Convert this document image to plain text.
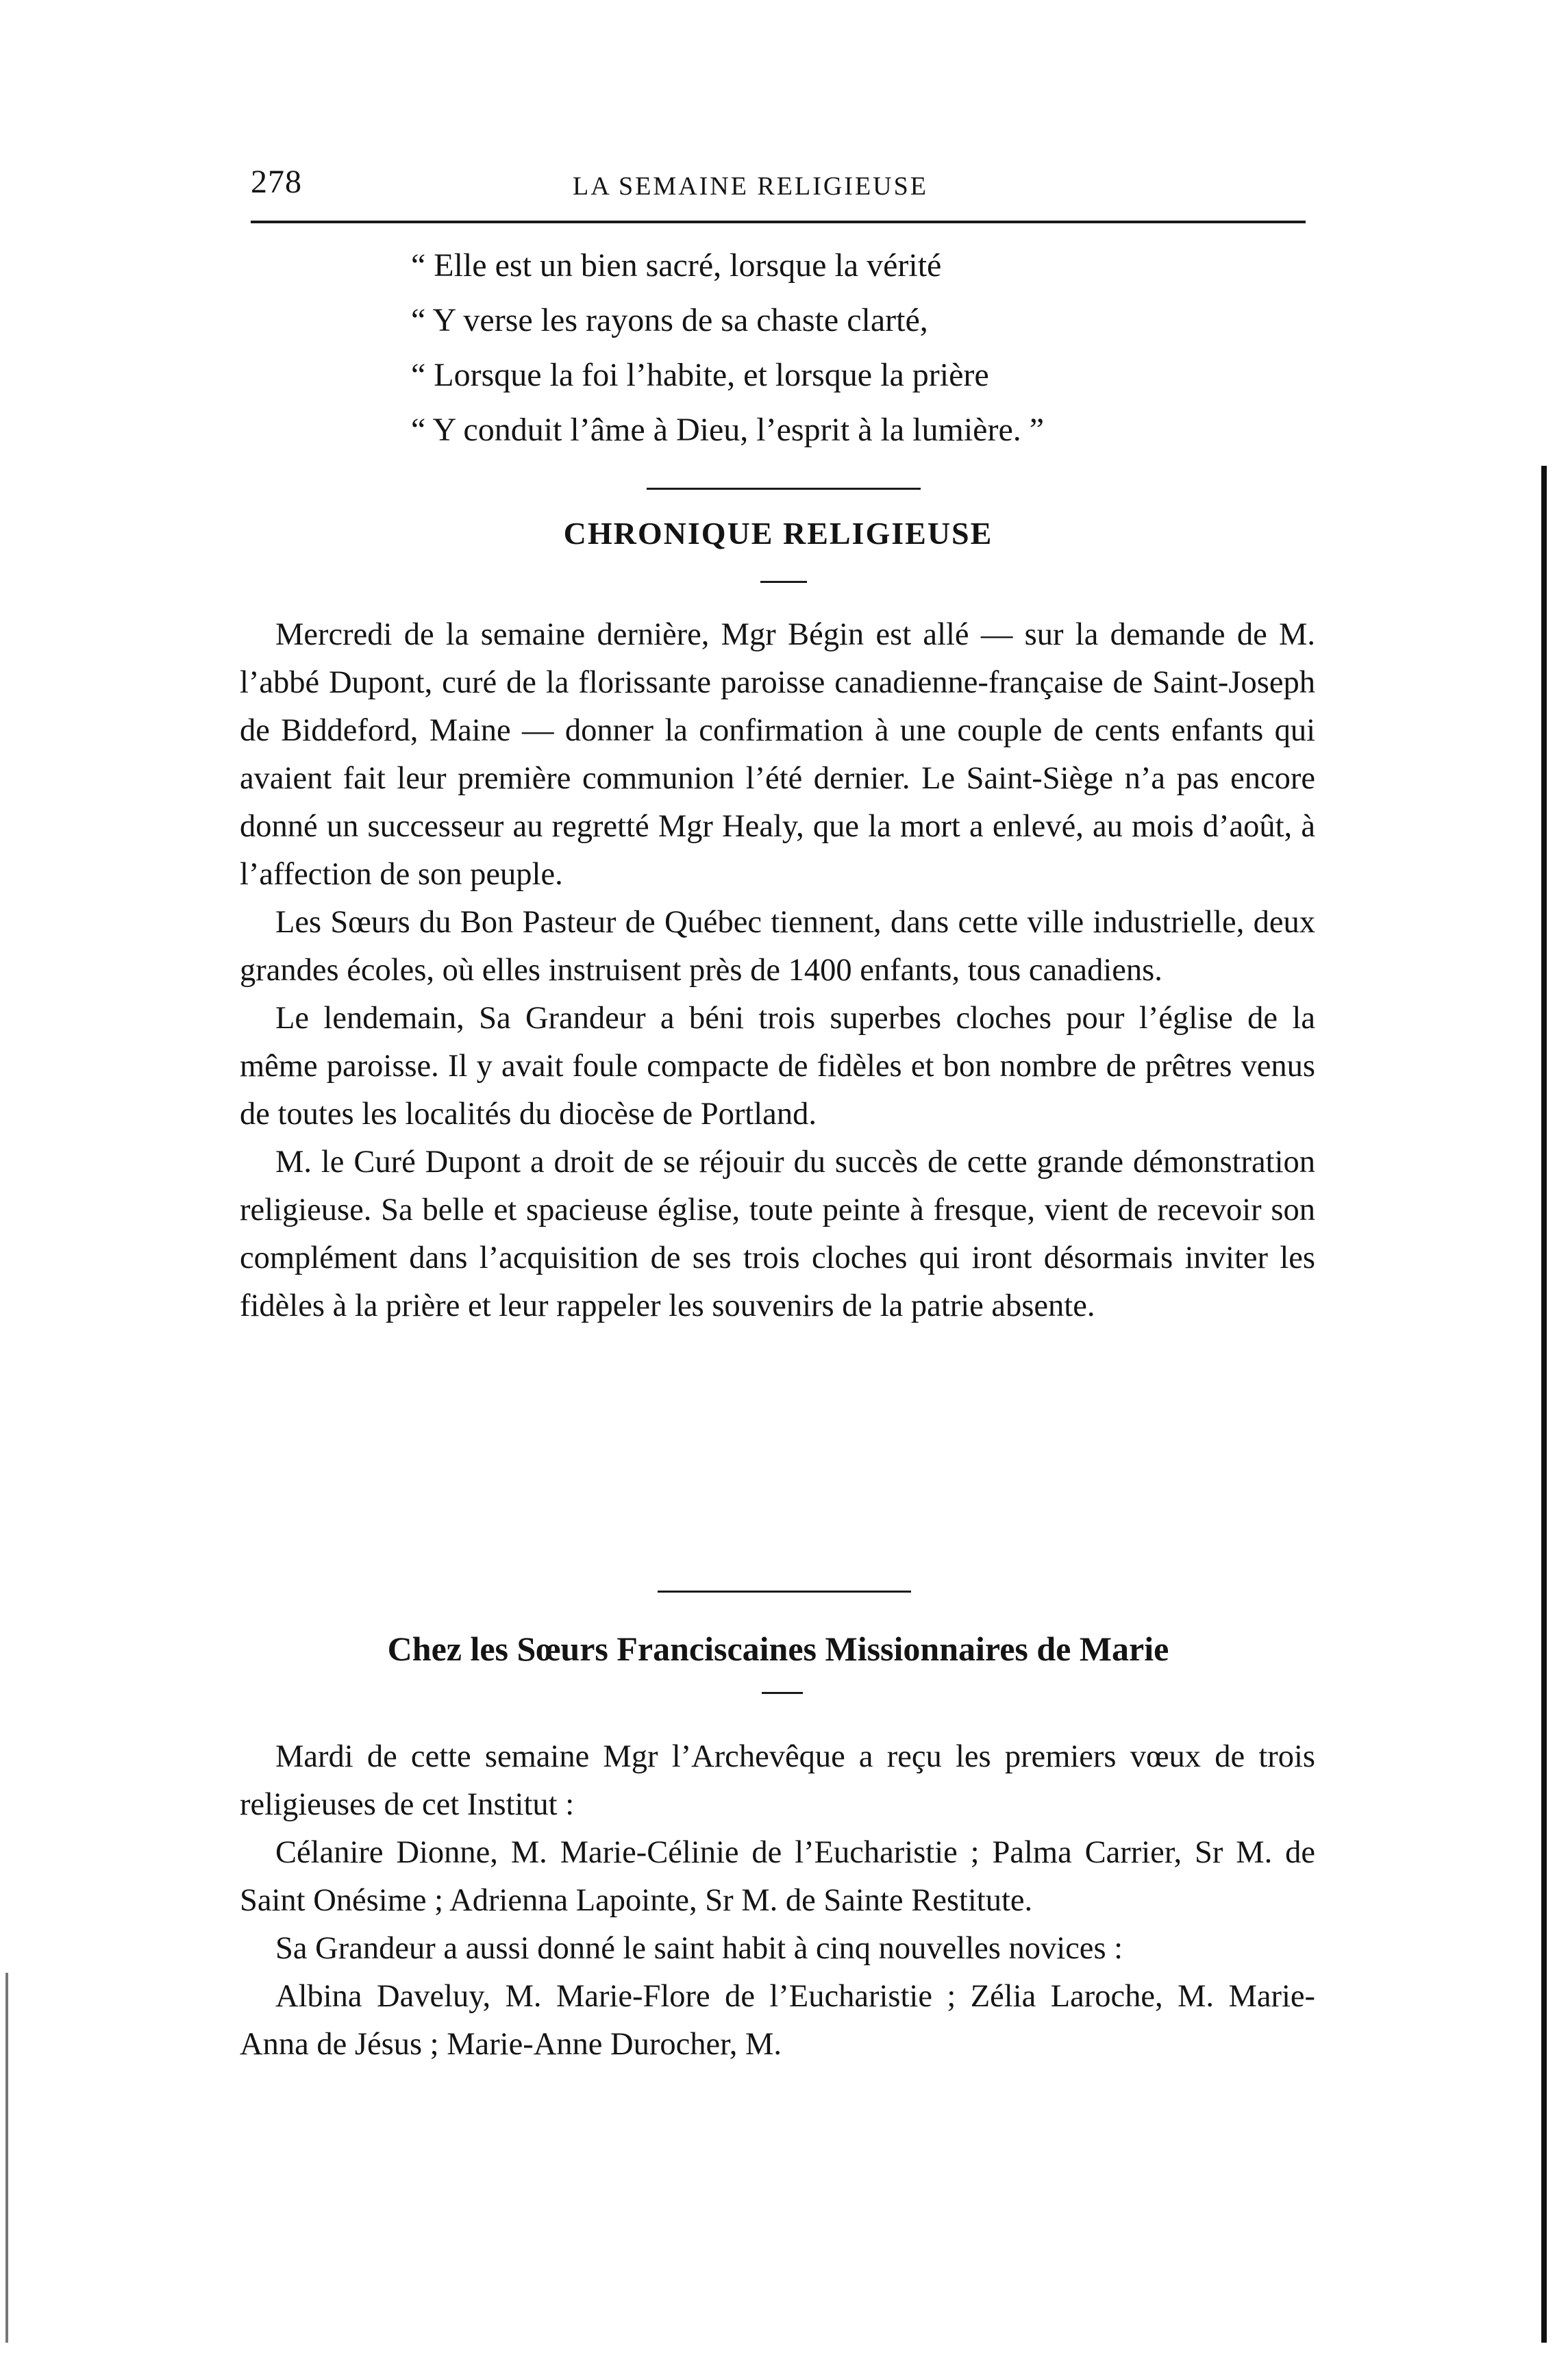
278	LA SEMAINE RELIGIEUSE
“ Elle est un bien sacré, lorsque la vérité
“ Y verse les rayons de sa chaste clarté,
“ Lorsque la foi l’habite, et lorsque la prière
“ Y conduit l’âme à Dieu, l’esprit à la lumière. ”
CHRONIQUE RELIGIEUSE

Mercredi de la semaine dernière, Mgr Bégin est allé — sur la demande de M. l’abbé Dupont, curé de la florissante paroisse canadienne-française de Saint-Joseph de Biddeford, Maine — donner la confirmation à une couple de cents enfants qui avaient fait leur première communion l’été dernier. Le Saint-Siège n’a pas encore donné un successeur au regretté Mgr Healy, que la mort a enlevé, au mois d’août, à l’affection de son peuple.

Les Sœurs du Bon Pasteur de Québec tiennent, dans cette ville industrielle, deux grandes écoles, où elles instruisent près de 1400 enfants, tous canadiens.

Le lendemain, Sa Grandeur a béni trois superbes cloches pour l’église de la même paroisse. Il y avait foule compacte de fidèles et bon nombre de prêtres venus de toutes les localités du diocèse de Portland.

M. le Curé Dupont a droit de se réjouir du succès de cette grande démonstration religieuse. Sa belle et spacieuse église, toute peinte à fresque, vient de recevoir son complément dans l’acquisition de ses trois cloches qui iront désormais inviter les fidèles à la prière et leur rappeler les souvenirs de la patrie absente.

Chez les Sœurs Franciscaines Missionnaires de Marie

Mardi de cette semaine Mgr l’Archevêque a reçu les premiers vœux de trois religieuses de cet Institut :

Célanire Dionne, M. Marie-Célinie de l’Eucharistie ; Palma Carrier, Sr M. de Saint Onésime ; Adrienna Lapointe, Sr M. de Sainte Restitute.

Sa Grandeur a aussi donné le saint habit à cinq nouvelles novices :

Albina Daveluy, M. Marie-Flore de l’Eucharistie ; Zélia Laroche, M. Marie-Anna de Jésus ; Marie-Anne Durocher, M.
